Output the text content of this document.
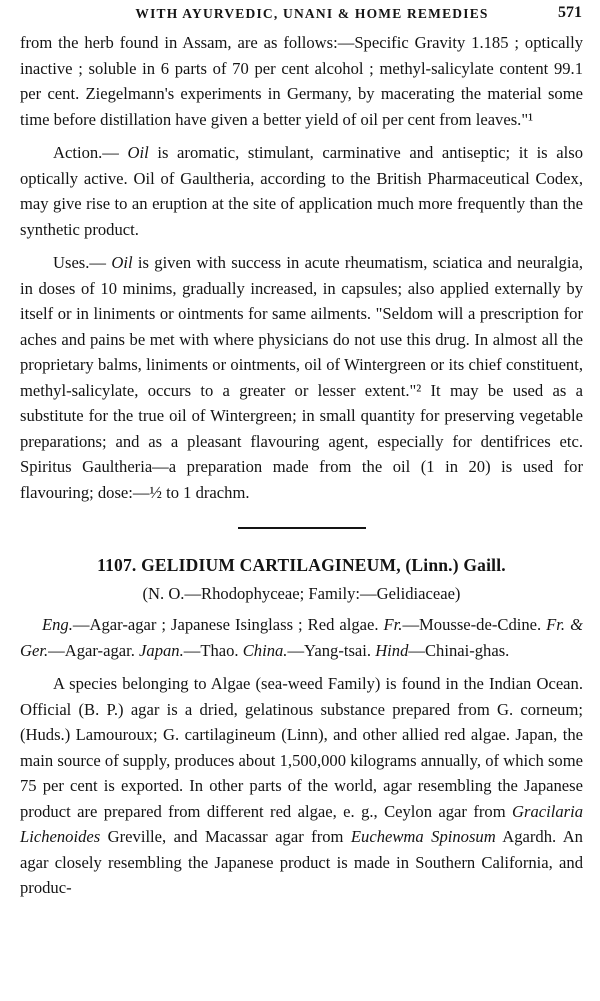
WITH AYURVEDIC, UNANI & HOME REMEDIES	571

from the herb found in Assam, are as follows:—Specific Gravity 1.185 ; optically inactive ; soluble in 6 parts of 70 per cent alcohol ; methyl-salicylate content 99.1 per cent. Ziegelmann's experiments in Germany, by macerating the material some time before distillation have given a better yield of oil per cent from leaves."¹

Action.— Oil is aromatic, stimulant, carminative and antiseptic; it is also optically active. Oil of Gaultheria, according to the British Pharmaceutical Codex, may give rise to an eruption at the site of application much more frequently than the synthetic product.

Uses.— Oil is given with success in acute rheumatism, sciatica and neuralgia, in doses of 10 minims, gradually increased, in capsules; also applied externally by itself or in liniments or ointments for same ailments. "Seldom will a prescription for aches and pains be met with where physicians do not use this drug. In almost all the proprietary balms, liniments or ointments, oil of Wintergreen or its chief constituent, methyl-salicylate, occurs to a greater or lesser extent."² It may be used as a substitute for the true oil of Wintergreen; in small quantity for preserving vegetable preparations; and as a pleasant flavouring agent, especially for dentifrices etc. Spiritus Gaultheria—a preparation made from the oil (1 in 20) is used for flavouring; dose:—½ to 1 drachm.

1107. GELIDIUM CARTILAGINEUM, (Linn.) Gaill.

(N. O.—Rhodophyceae; Family:—Gelidiaceae)

Eng.—Agar-agar ; Japanese Isinglass ; Red algae. Fr.—Mousse-de-Cdine. Fr. & Ger.—Agar-agar. Japan.—Thao. China.—Yang-tsai. Hind—Chinai-ghas.

A species belonging to Algae (sea-weed Family) is found in the Indian Ocean. Official (B. P.) agar is a dried, gelatinous substance prepared from G. corneum; (Huds.) Lamouroux; G. cartilagineum (Linn), and other allied red algae. Japan, the main source of supply, produces about 1,500,000 kilograms annually, of which some 75 per cent is exported. In other parts of the world, agar resembling the Japanese product are prepared from different red algae, e. g., Ceylon agar from Gracilaria Lichenoides Greville, and Macassar agar from Euchewma Spinosum Agardh. An agar closely resembling the Japanese product is made in Southern California, and produc-
